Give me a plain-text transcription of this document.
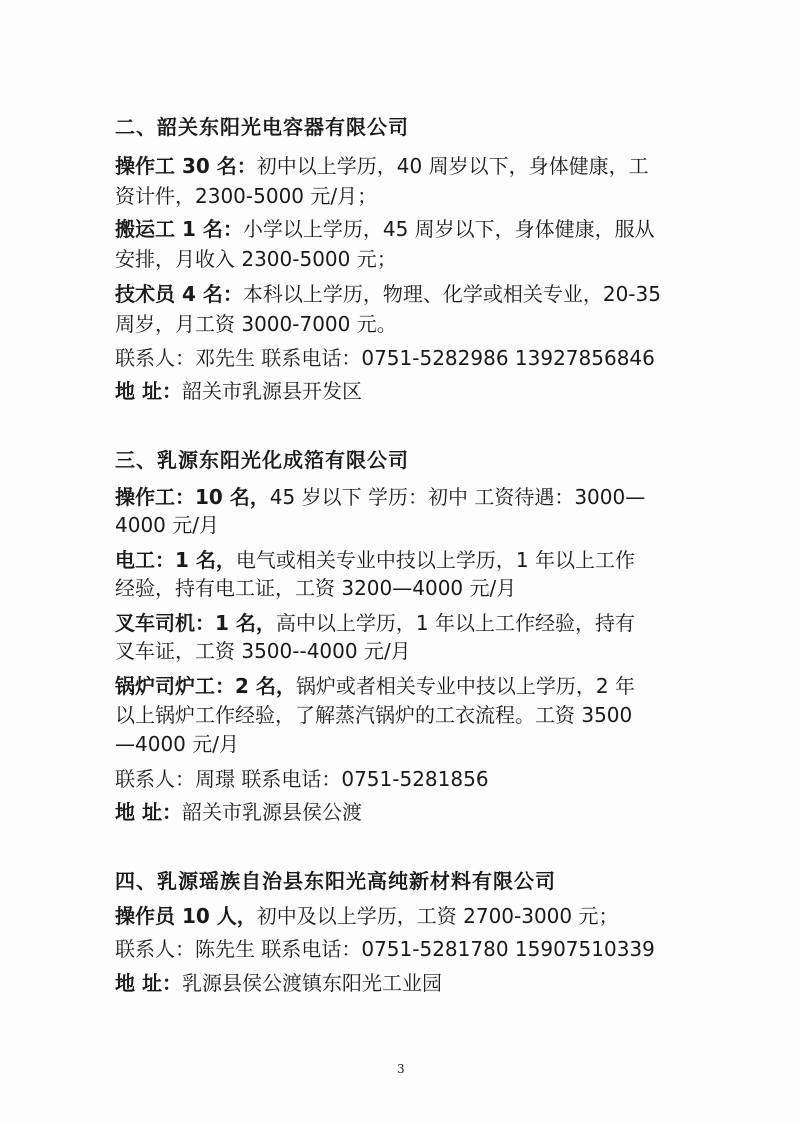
二、韶关东阳光电容器有限公司
操作工 30 名：初中以上学历，40 周岁以下，身体健康，工
资计件，2300-5000 元/月；
搬运工 1 名：小学以上学历，45 周岁以下，身体健康，服从
安排，月收入 2300-5000 元；
技术员 4 名：本科以上学历，物理、化学或相关专业，20-35
周岁，月工资 3000-7000 元。
联系人：邓先生 联系电话：0751-5282986 13927856846
地 址：韶关市乳源县开发区
三、乳源东阳光化成箔有限公司
操作工：10 名，45 岁以下 学历：初中 工资待遇：3000—
4000 元/月
电工：1 名，电气或相关专业中技以上学历，1 年以上工作
经验，持有电工证，工资 3200—4000 元/月
叉车司机：1 名，高中以上学历，1 年以上工作经验，持有
叉车证，工资 3500--4000 元/月
锅炉司炉工：2 名，锅炉或者相关专业中技以上学历，2 年
以上锅炉工作经验，了解蒸汽锅炉的工衣流程。工资 3500
—4000 元/月
联系人：周璟 联系电话：0751-5281856
地 址：韶关市乳源县侯公渡
四、乳源瑶族自治县东阳光高纯新材料有限公司
操作员 10 人，初中及以上学历，工资 2700-3000 元；
联系人：陈先生 联系电话：0751-5281780 15907510339
地 址：乳源县侯公渡镇东阳光工业园
3
